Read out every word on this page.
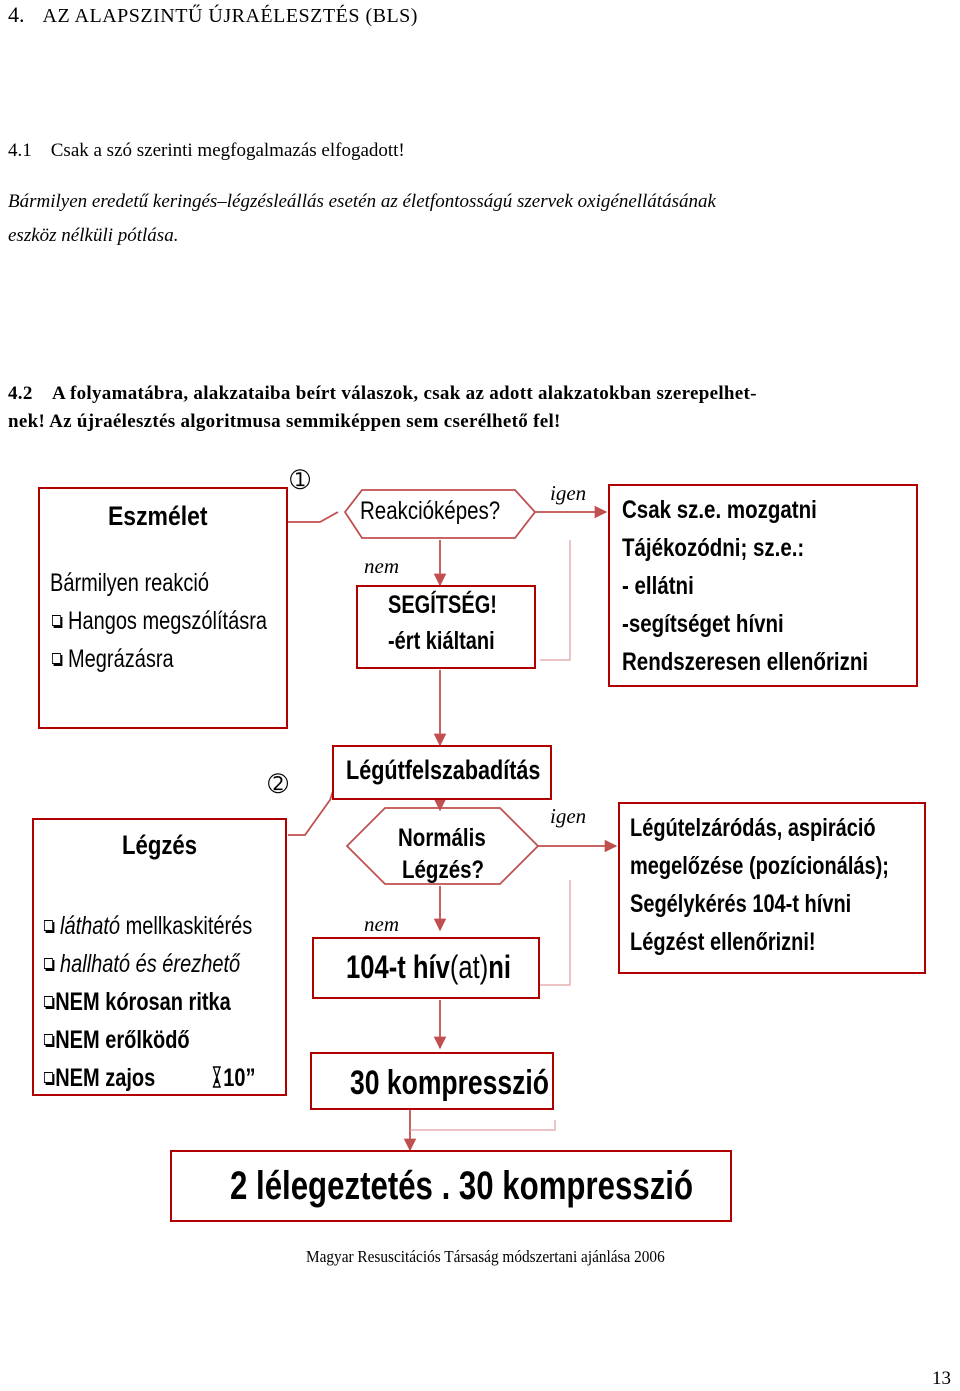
4. AZ ALAPSZINTŰ ÚJRAÉLESZTÉS (BLS)
4.1 Csak a szó szerinti megfogalmazás elfogadott!
Bármilyen eredetű keringés–légzésleállás esetén az életfontosságú szervek oxigénellátásának
eszköz nélküli pótlása.
4.2 A folyamatábra, alakzataiba beírt válaszok, csak az adott alakzatokban szerepelhet-
nek! Az újraélesztés algoritmusa semmiképpen sem cserélhető fel!
➀
➁
Eszmélet
Bármilyen reakció
Hangos megszólításra
Megrázásra
Reakcióképes?
igen
nem
SEGÍTSÉG!
-ért kiáltani
Csak sz.e. mozgatni
Tájékozódni; sz.e.:
- ellátni
-segítséget hívni
Rendszeresen ellenőrizni
Légútfelszabadítás
Légzés
látható mellkaskitérés
hallható és érezhető
NEM kórosan ritka
NEM erőlködő
NEM zajos	10”
Normális
Légzés?
igen
nem
Légútelzáródás, aspiráció
megelőzése (pozícionálás);
Segélykérés 104-t hívni
Légzést ellenőrizni!
104-t hív(at)ni
30 kompresszió
2 lélegeztetés . 30 kompresszió
Magyar Resuscitációs Társaság módszertani ajánlása 2006
13
